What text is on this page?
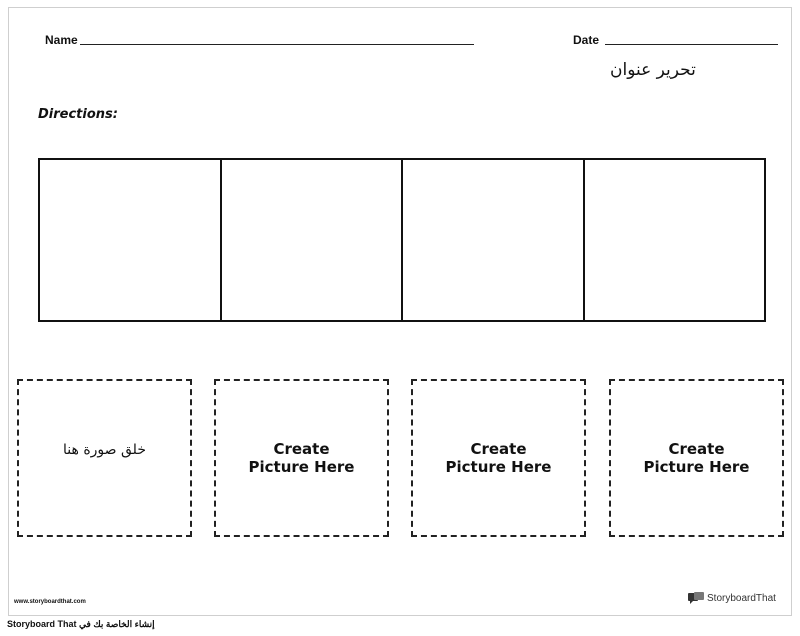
Name	Date
تحرير عنوان
Directions:
خلق صورة هنا	Create Picture Here
Create Picture Here
Create Picture Here
www.storyboardthat.com	StoryboardThat
Storyboard That إنشاء الخاصة بك في
